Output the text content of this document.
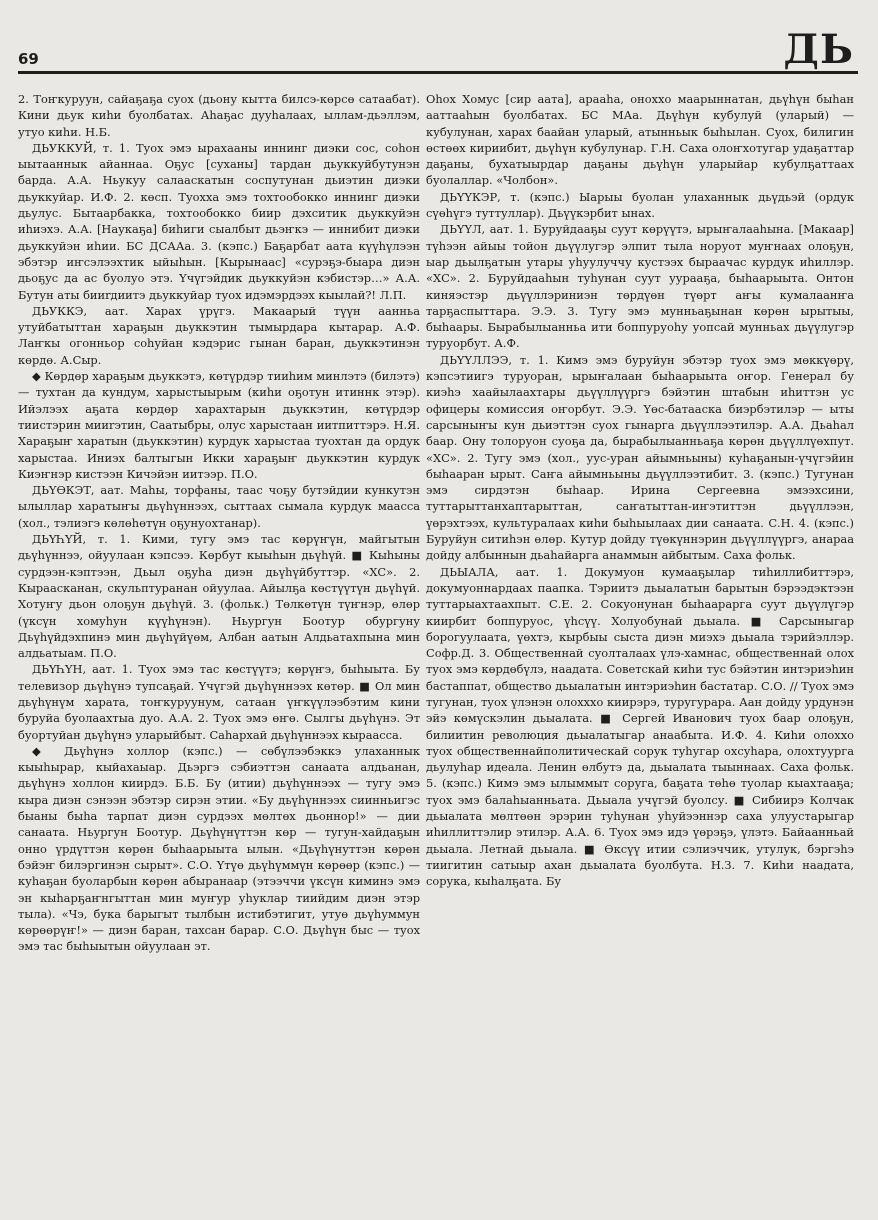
69	ДЬ

2. Тоҥкуруун, сайаҕаҕа суох (дьону кытта билсэ-көрсө сатаабат). Кини дьук киһи буолбатах. Аһаҕас дууһалаах, ыллам-дьэллэм, утуо киһи. Н.Б.

ДЬУККУЙ, т. 1. Туох эмэ ырахааны иннинг диэки сос, соһон ыытааннык айаннаа. Оҕус [суханы] тардан дьуккуйбутунэн барда. А.А. Ньукуу салааскатын соспутунан дьиэтин диэки дьуккуйар. И.Ф. 2. көсп. Туохха эмэ тохтообокко иннинг диэки дьулус. Бытаарбакка, тохтообокко биир дэхситик дьуккуйэн иһиэхэ. А.А. [Наукаҕа] биһиги сыалбыт дьэҥкэ — иннибит диэки дьуккуйэн иһии. БС ДСААа. 3. (кэпс.) Баҕарбат аата күүһүлээн эбэтэр иҥсэлээхтик ыйыһын. [Кырынаас] «сурэҕэ-быара диэн дьоҕус да ас буолуо этэ. Үчүгэйдик дьуккуйэн кэбистэр…» А.А. Бутун аты бииrдиитэ дьуккуйар туох идэмэрдээх кыылай?! Л.П.

ДЬУККЭ, аат. Харах үрүгэ. Макаарый түүн аанньа утуйбатыттан хараҕын дьуккэтин тымырдара кытарар. А.Ф. Лаҥкы огонньор соһуйан кэдэрис гынан баран, дьуккэтинэн көрдө. А.Сыр.

◆ Көрдөр хараҕым дьуккэтэ, көтүрдэр тииһим минлэтэ (билэтэ) — тухтан да кундум, харыстыырым (киһи оҕотун итиннк этэр). Ийэлээх аҕата көрдөр харахтарын дьуккэтин, көтүрдэр тиистэрин мииrэтин, Саатыбры, олус харыстаан иитпиттэрэ. Н.Я. Хараҕыҥ харатын (дьуккэтин) курдук харыстаа туохтан да ордук харыстаа. Иниэх балтыгын Икки хараҕыҥ дьуккэтин курдук Киэҥнэр кистээн Кичэйэн иитээр. П.О.

ДЬҮӨКЭТ, аат. Маһы, торфаны, таас чоҕу бутэйдии кункутэн ылыллар харатыҥы дьүһүннээх, сыттаах сымала курдук маасса (хол., тэлиэгэ көлөһөтүн оҕунуохтанар).

ДЬҮҺҮЙ, т. 1. Кими, тугу эмэ тас көрүҥүн, майгытын дьүһүннээ, ойуулаан кэпсээ. Көрбут кыыһын дьүһүй. ■ Кыһыны сурдээн-кэптээн, Дьыл оҕуһа диэн дьүһүйбуттэр. «ХС». 2. Кыраасканан, скульптуранан ойуулаа. Айылҕа көстүүтүн дьүһүй. Хотуҥу дьон олоҕун дьүһүй. 3. (фольк.) Төлкөтүн түҥнэр, өлөр (үксүн хомуһун күүһүнэн). Ньургун Боотур обургуну Дьүһүйдэхпинэ мин дьүһүйүөм, Албан аатын Алдьатахпына мин алдьатыам. П.О.

ДЬҮҺҮН, аат. 1. Туох эмэ тас көстүүтэ; көрүҥэ, быһыыта. Бу телевизор дьүһүнэ тупсаҕай. Үчүгэй дьүһүннээх көтөр. ■ Ол мин дьүһүнүм харата, тоҥкуруунум, сатаан үҥкүүлээбэтим кини буруйа буолаахтыа дуо. А.А. 2. Туох эмэ өҥө. Сылгы дьүһүнэ. Эт буортуйан дьүһүнэ уларыйбыт. Саһархай дьүһүннээх кыраасса.

◆ Дьүһүнэ холлор (кэпс.) — сөбүлээбэккэ улаханнык кыыһырар, кыйахаыар. Дьэргэ сэбиэттэн санаата алдьанан, дьүһүнэ холлон киирдэ. Б.Б. Бу (итии) дьүһүннээх — тугу эмэ кыра диэн сэнээн эбэтэр сирэн этии. «Бу дьүһүннээх сиинньигэс быаны быһа тарпат диэн сурдээх мөлтөх дьоннор!» — дии санаата. Ньургун Боотур. Дьүһүнүттэн көр — тугун-хайдаҕын онно үрдүттэн көрөн быһаарыыта ылын. «Дьүһүнуттэн көрөн бэйэҥ билэргинэн сырыт». С.О. Үтүө дьүһүммүн көрөөр (кэпс.) — куһаҕан буоларбын көрөн абыранаар (этээччи үксүн киминэ эмэ эн кыһарҕаҥнгыттан мин муҥур уһуклар тиийдим диэн этэр тыла). «Чэ, бука барыгыт тылбын истибэтигит, утуө дьүһуммун көрөөрүҥ!» — диэн баран, тахсан барар. С.О. Дьүһүн быс — туох эмэ тас быһыытын ойуулаан эт.

Оһох Хомус [сир аата], арааһа, оноххо маарыннатан, дьүһүн быһан ааттааһын буолбатах. БС МАа. Дьүһүн кубулуй (уларый) — кубулунан, харах баайан уларый, атынньык быһылан. Суох, билигин өстөөх кириибит, дьүһүн кубулунар. Г.Н. Саха олоҥхотугар удаҕаттар даҕаны, бухатыырдар даҕаны дьүһүн уларыйар кубулҕаттаах буолаллар. «Чолбон».

ДЬҮҮКЭР, т. (кэпс.) Ыарыы буолан улаханнык дьүдьэй (ордук сүөһүгэ туттуллар). Дьүүкэрбит ынах.

ДЬҮҮЛ, аат. 1. Буруйдааҕы суут көрүүтэ, ырыҥалааһына. [Макаар] түһээн айыы тойон дьүүлугэр элпит тыла норуот муҥнаах олоҕун, ыар дьылҕатын утары уһуулуччу кустээх быраачас курдук иһиллэр. «ХС». 2. Буруйдааһын туһунан суут уурааҕа, быһаарыыта. Онтон киняэстэр дьүүллэриниэн төрдүөн түөрт аҥы кумалаанҥа тарҕаспыттара. Э.Э. 3. Тугу эмэ мунньаҕынан көрөн ырытыы, быһаары. Бырабылыанньа ити боппуруоһу уопсай мунньах дьүүлугэр туруорбут. А.Ф.

ДЬҮҮЛЛЭЭ, т. 1. Кимэ эмэ буруйун эбэтэр туох эмэ мөккүөрү, кэпсэтиигэ туруоран, ырыҥалаан быһаарыыта оҥор. Генерал бу киэһэ хаайылаахтары дьүүллүүргэ бэйэтин штабын иһиттэн ус офицеры комиссия оҥорбут. Э.Э. Үөс-батааска биэрбэтилэр — ыты сарсыныҥы кун дьиэттэн суох гынарга дьүүллээтилэр. А.А. Дьаһал баар. Ону толоруон суоҕа да, бырабылыанньаҕа көрөн дьүүллүөхпут. «ХС». 2. Тугу эмэ (хол., уус-уран айымньыны) куһаҕанын-үчүгэйин быһааран ырыт. Саҥа айымньыны дьүүллээтибит. 3. (кэпс.) Тугунан эмэ сирдэтэн быһаар. Ирина Сергеевна эмээхсини, туттарыттанхаптарыттан, саҥатыттан-иҥэтиттэн дьүүллээн, үөрэхтээх, культуралаах киһи быһыылаах дии санаата. С.Н. 4. (кэпс.) Буруйун ситиһэн өлөр. Кутур дойду түөкүннэрин дьүүллүүргэ, анараа дойду албыннын дьаһайарга анаммын айбытым. Саха фольк.

ДЬЫАЛА, аат. 1. Докумуон кумааҕылар тиһиллибиттэрэ, докумуоннардаах паапка. Тэриитэ дьыалатын барытын бэрээдэктээн туттарыахтаахпыт. С.Е. 2. Сокуонунан быһаарарга суут дьүүлүгэр киирбит боппуруос, үһсүү. Холуобунай дьыала. ■ Сарсыныгар борогуулаата, үөхтэ, кырбыы сыста диэн миэхэ дьыала тэрийэллэр. Софр.Д. 3. Общественнай суолталаах үлэ-хамнас, общественнай олох туох эмэ көрдөбүлэ, наадата. Советскай киһи тус бэйэтин интэриэһин бастаппат, общество дьыалатын интэриэһин бастатар. С.О. // Туох эмэ тугунан, туох үлэнэн олохххо киирэрэ, туругурара. Аан дойду урдунэн эйэ көмүскэлин дьыалата. ■ Сергей Иванович туох баар олоҕун, билиитин революция дьыалатыгар анаабыта. И.Ф. 4. Киһи олоххо туох общественнайполитическай сорук туһугар охсуһара, олохтуурга дьулуһар идеала. Ленин өлбутэ да, дьыалата тыыннаах. Саха фольк. 5. (кэпс.) Кимэ эмэ ылыммыт соруга, баҕата төһө туолар кыахтааҕа; туох эмэ балаһыанньата. Дьыала учүгэй буолсу. ■ Сибиирэ Колчак дьыалата мөлтөөн эрэрин туһунан уһуйээннэр саха улуустарыгар иһиллиттэлир этилэр. А.А. 6. Туох эмэ идэ үөрэҕэ, үлэтэ. Байаанньай дьыала. Летнай дьыала. ■ Өксүү итии сэлиэччик, утулук, бэргэһэ тиигитин сатыыр ахан дьыалата буолбута. Н.З. 7. Киһи наадата, сорука, кыһалҕата. Бу
